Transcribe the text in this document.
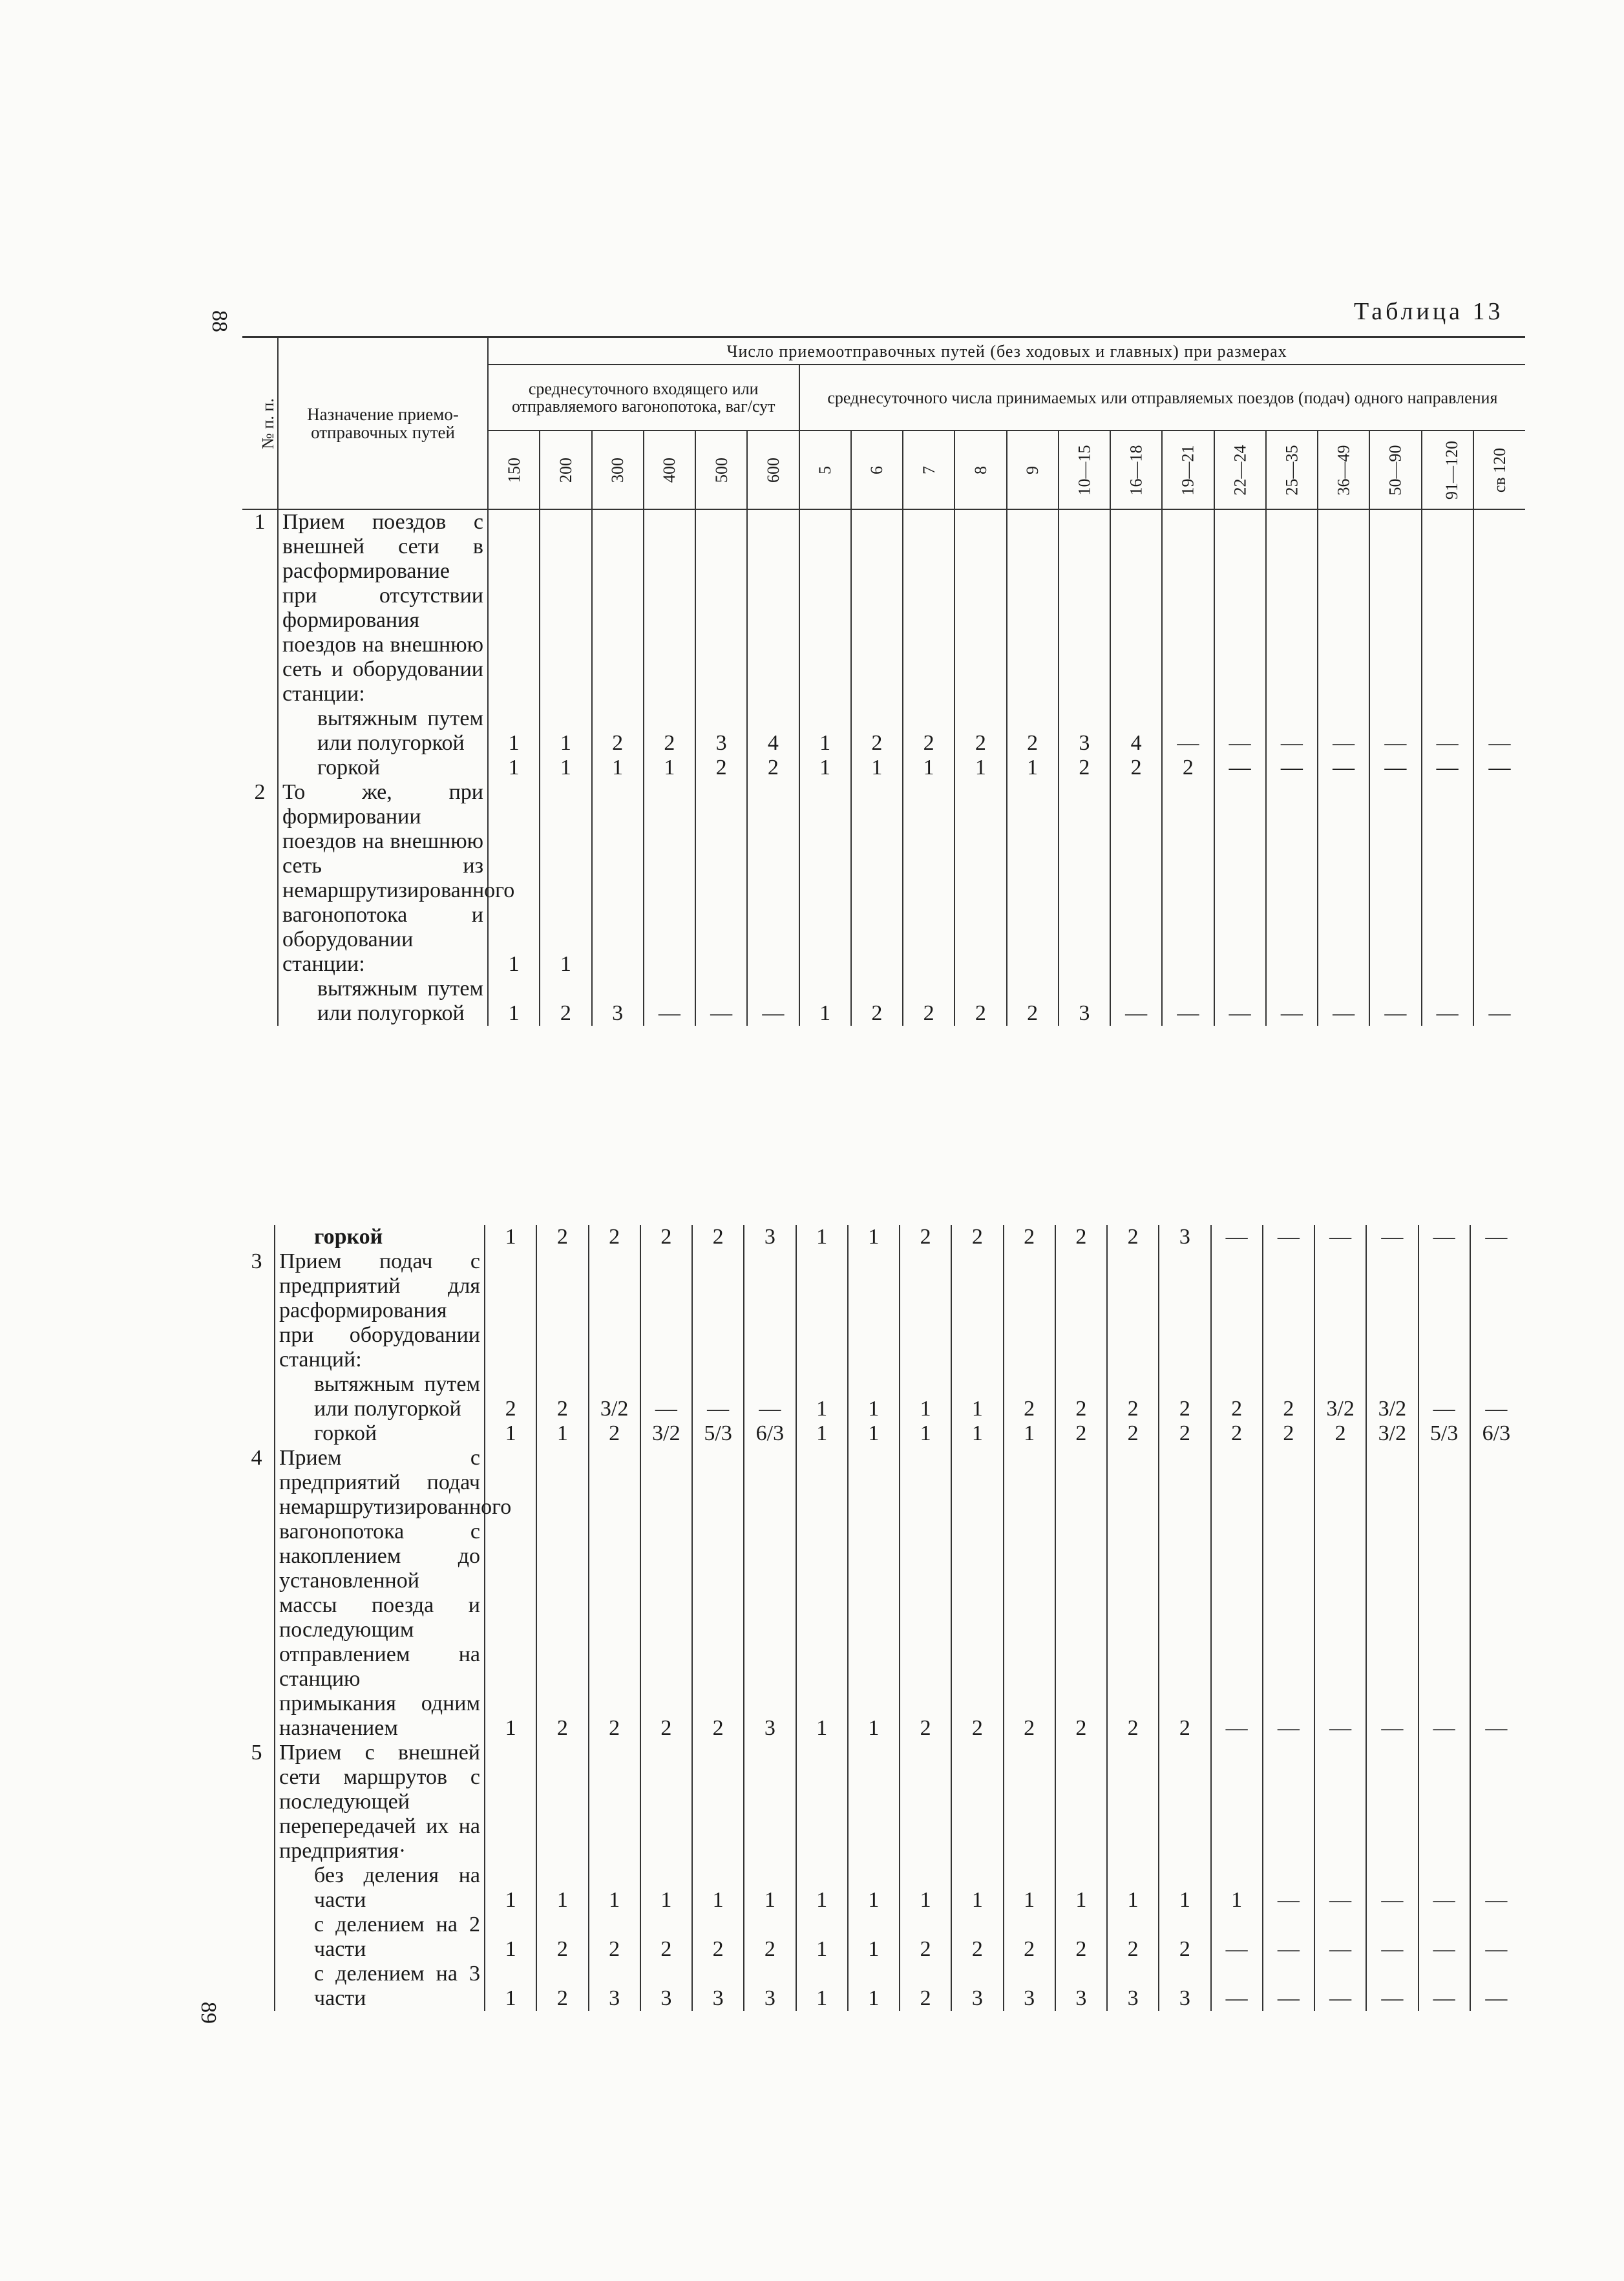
88
89
Таблица 13
№ п. п.	Назначение приемо-отправочных путей	Число приемоотправочных путей (без ходовых и главных) при размерах																			
		среднесуточного входящего или отправляемого вагонопотока, ваг/сут						среднесуточного числа принимаемых или отправляемых поездов (подач) одного направления													
		150	200	300	400	500	600	5	6	7	8	9	10—15	16—18	19—21	22—24	25—35	36—49	50—90	91—120	св 120
1	Прием поездов с внешней сети в расформирование при отсутствии формирования поездов на внешнюю сеть и оборудовании станции:																				
	вытяжным путем или полугоркой	1	1	2	2	3	4	1	2	2	2	2	3	4	—	—	—	—	—	—	—
	горкой	1	1	1	1	2	2	1	1	1	1	1	2	2	2	—	—	—	—	—	—
2	То же, при формировании поездов на внешнюю сеть из немаршрутизированного вагонопотока и оборудовании станции:	1	1																		
	вытяжным путем или полугоркой	1	2	3	—	—	—	1	2	2	2	2	3	—	—	—	—	—	—	—	—
	горкой	1	2	2	2	2	3	1	1	2	2	2	2	2	3	—	—	—	—	—	—
3	Прием подач с предприятий для расформирования при оборудовании станций:																				
	вытяжным путем или полугоркой	2	2	3/2	—	—	—	1	1	1	1	2	2	2	2	2	2	3/2	3/2	—	—
	горкой	1	1	2	3/2	5/3	6/3	1	1	1	1	1	2	2	2	2	2	2	3/2	5/3	6/3
4	Прием с предприятий подач немаршрутизированного вагонопотока с накоплением до установленной массы поезда и последующим отправлением на станцию примыкания одним назначением	1	2	2	2	2	3	1	1	2	2	2	2	2	2	—	—	—	—	—	—
5	Прием с внешней сети маршрутов с последующей перепередачей их на предприятия·																				
	без деления на части	1	1	1	1	1	1	1	1	1	1	1	1	1	1	1	—	—	—	—	—
	с делением на 2 части	1	2	2	2	2	2	1	1	2	2	2	2	2	2	—	—	—	—	—	—
	с делением на 3 части	1	2	3	3	3	3	1	1	2	3	3	3	3	3	—	—	—	—	—	—
